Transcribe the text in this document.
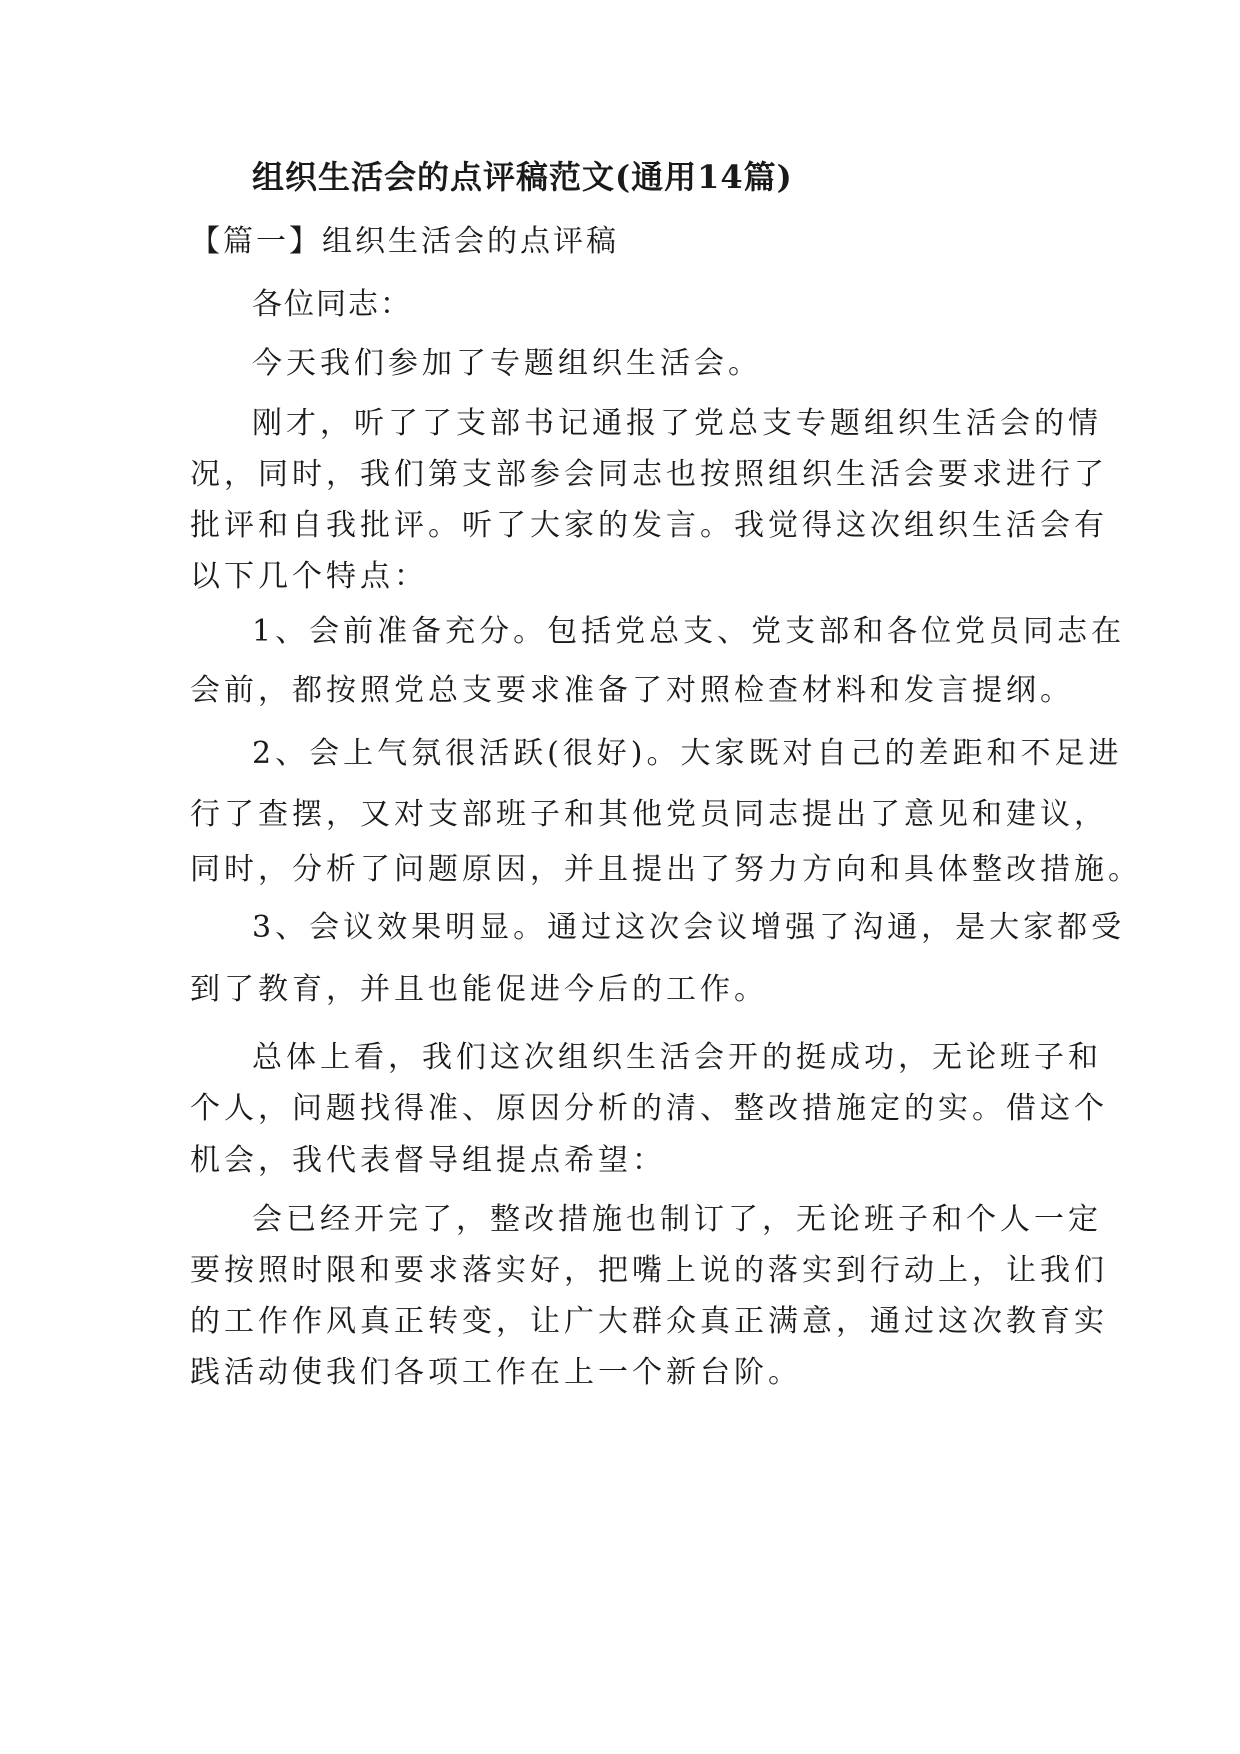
组织生活会的点评稿范文(通用14篇)
【篇一】组织生活会的点评稿
各位同志：
今天我们参加了专题组织生活会。
刚才，听了了支部书记通报了党总支专题组织生活会的情
况，同时，我们第支部参会同志也按照组织生活会要求进行了
批评和自我批评。听了大家的发言。我觉得这次组织生活会有
以下几个特点：
1、会前准备充分。包括党总支、党支部和各位党员同志在
会前，都按照党总支要求准备了对照检查材料和发言提纲。
2、会上气氛很活跃(很好)。大家既对自己的差距和不足进
行了查摆，又对支部班子和其他党员同志提出了意见和建议，
同时，分析了问题原因，并且提出了努力方向和具体整改措施。
3、会议效果明显。通过这次会议增强了沟通，是大家都受
到了教育，并且也能促进今后的工作。
总体上看，我们这次组织生活会开的挺成功，无论班子和
个人，问题找得准、原因分析的清、整改措施定的实。借这个
机会，我代表督导组提点希望：
会已经开完了，整改措施也制订了，无论班子和个人一定
要按照时限和要求落实好，把嘴上说的落实到行动上，让我们
的工作作风真正转变，让广大群众真正满意，通过这次教育实
践活动使我们各项工作在上一个新台阶。
